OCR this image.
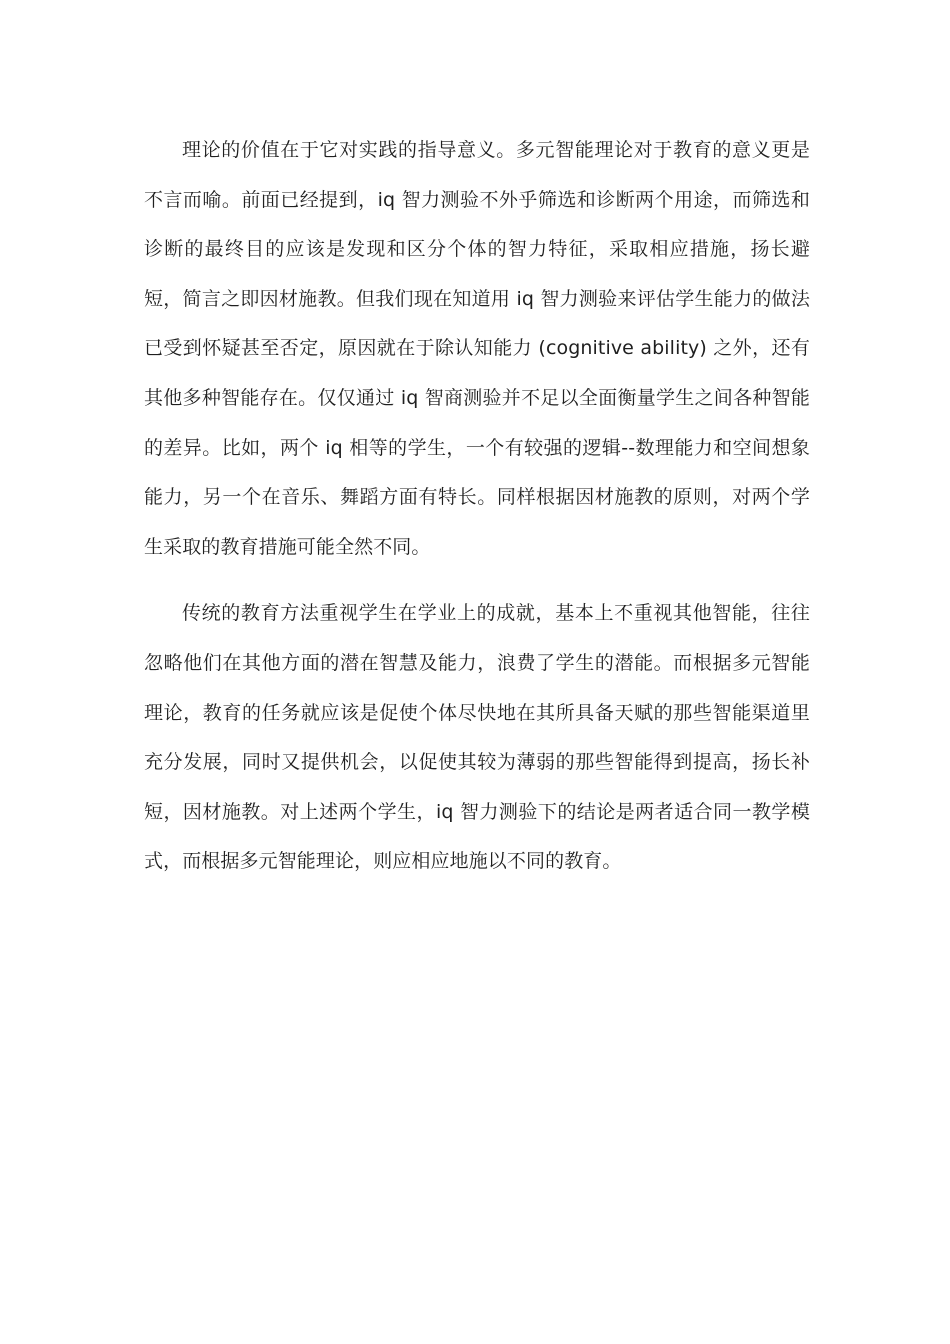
理论的价值在于它对实践的指导意义。多元智能理论对于教育的意义更是不言而喻。前面已经提到，iq 智力测验不外乎筛选和诊断两个用途，而筛选和诊断的最终目的应该是发现和区分个体的智力特征，采取相应措施，扬长避短，简言之即因材施教。但我们现在知道用 iq 智力测验来评估学生能力的做法已受到怀疑甚至否定，原因就在于除认知能力 (cognitive ability) 之外，还有其他多种智能存在。仅仅通过 iq 智商测验并不足以全面衡量学生之间各种智能的差异。比如，两个 iq 相等的学生，一个有较强的逻辑--数理能力和空间想象能力，另一个在音乐、舞蹈方面有特长。同样根据因材施教的原则，对两个学生采取的教育措施可能全然不同。

传统的教育方法重视学生在学业上的成就，基本上不重视其他智能，往往忽略他们在其他方面的潜在智慧及能力，浪费了学生的潜能。而根据多元智能理论，教育的任务就应该是促使个体尽快地在其所具备天赋的那些智能渠道里充分发展，同时又提供机会，以促使其较为薄弱的那些智能得到提高，扬长补短，因材施教。对上述两个学生，iq 智力测验下的结论是两者适合同一教学模式，而根据多元智能理论，则应相应地施以不同的教育。
